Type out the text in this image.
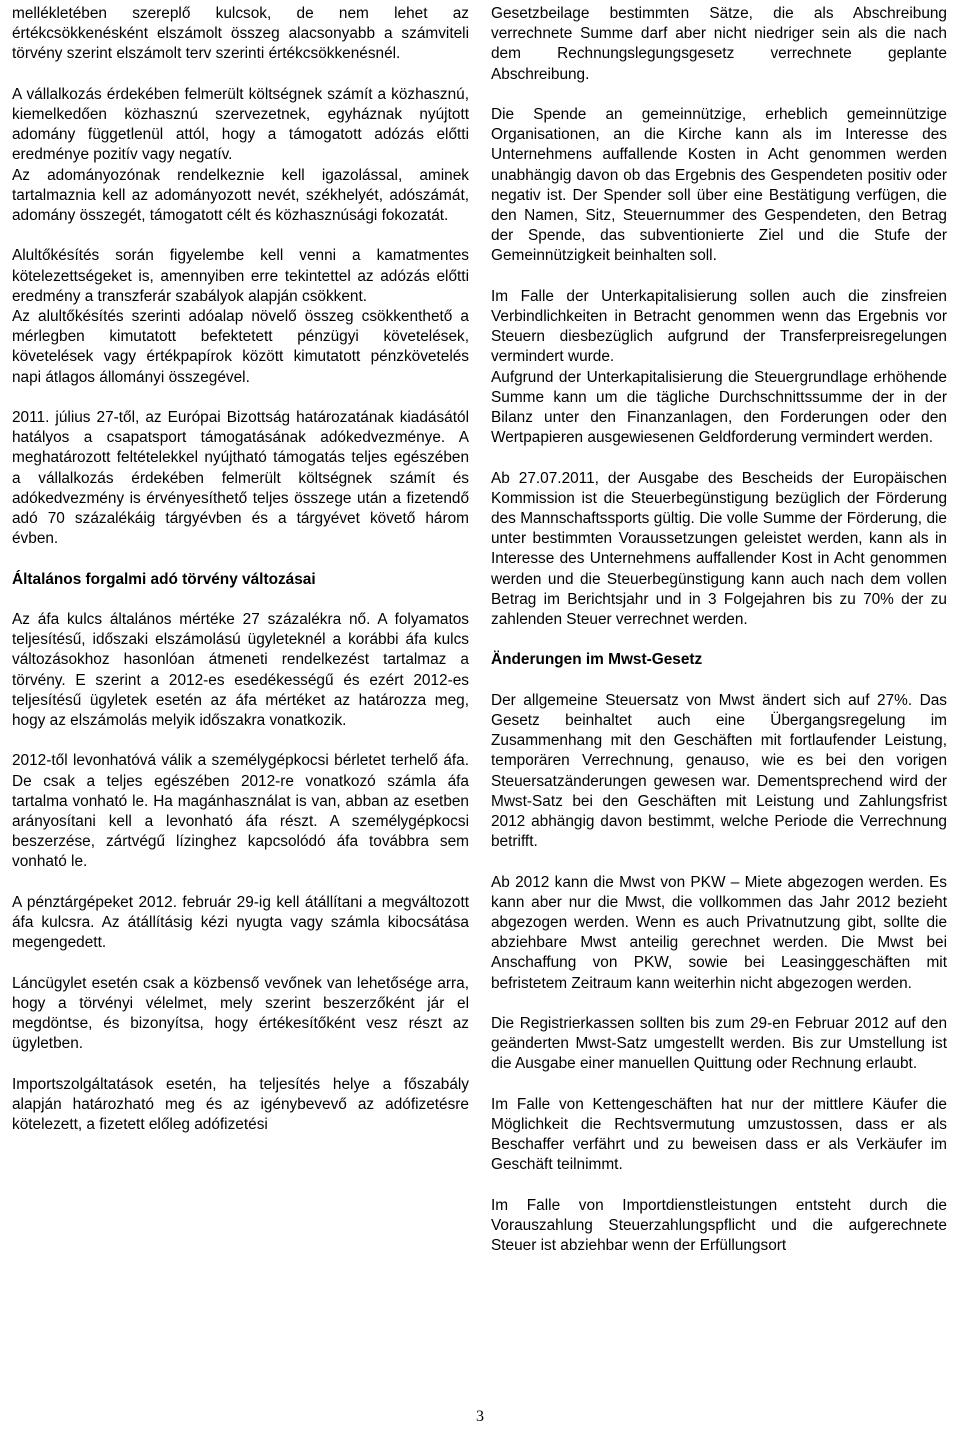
mellékletében szereplő kulcsok, de nem lehet az értékcsökkenésként elszámolt összeg alacsonyabb a számviteli törvény szerint elszámolt terv szerinti értékcsökkenésnél.

A vállalkozás érdekében felmerült költségnek számít a közhasznú, kiemelkedően közhasznú szervezetnek, egyháznak nyújtott adomány függetlenül attól, hogy a támogatott adózás előtti eredménye pozitív vagy negatív.

Az adományozónak rendelkeznie kell igazolással, aminek tartalmaznia kell az adományozott nevét, székhelyét, adószámát, adomány összegét, támogatott célt és közhasznúsági fokozatát.

Alultőkésítés során figyelembe kell venni a kamatmentes kötelezettségeket is, amennyiben erre tekintettel az adózás előtti eredmény a transzferár szabályok alapján csökkent.

Az alultőkésítés szerinti adóalap növelő összeg csökkenthető a mérlegben kimutatott befektetett pénzügyi követelések, követelések vagy értékpapírok között kimutatott pénzkövetelés napi átlagos állományi összegével.

2011. július 27-től, az Európai Bizottság határozatának kiadásától hatályos a csapatsport támogatásának adókedvezménye. A meghatározott feltételekkel nyújtható támogatás teljes egészében a vállalkozás érdekében felmerült költségnek számít és adókedvezmény is érvényesíthető teljes összege után a fizetendő adó 70 százalékáig tárgyévben és a tárgyévet követő három évben.

Általános forgalmi adó törvény változásai

Az áfa kulcs általános mértéke 27 százalékra nő. A folyamatos teljesítésű, időszaki elszámolású ügyleteknél a korábbi áfa kulcs változásokhoz hasonlóan átmeneti rendelkezést tartalmaz a törvény. E szerint a 2012-es esedékességű és ezért 2012-es teljesítésű ügyletek esetén az áfa mértéket az határozza meg, hogy az elszámolás melyik időszakra vonatkozik.

2012-től levonhatóvá válik a személygépkocsi bérletet terhelő áfa. De csak a teljes egészében 2012-re vonatkozó számla áfa tartalma vonható le. Ha magánhasználat is van, abban az esetben arányosítani kell a levonható áfa részt. A személygépkocsi beszerzése, zártvégű lízinghez kapcsolódó áfa továbbra sem vonható le.

A pénztárgépeket 2012. február 29-ig kell átállítani a megváltozott áfa kulcsra. Az átállításig kézi nyugta vagy számla kibocsátása megengedett.

Láncügylet esetén csak a közbenső vevőnek van lehetősége arra, hogy a törvényi vélelmet, mely szerint beszerzőként jár el megdöntse, és bizonyítsa, hogy értékesítőként vesz részt az ügyletben.

Importszolgáltatások esetén, ha teljesítés helye a főszabály alapján határozható meg és az igénybevevő az adófizetésre kötelezett, a fizetett előleg adófizetési

Gesetzbeilage bestimmten Sätze, die als Abschreibung verrechnete Summe darf aber nicht niedriger sein als die nach dem Rechnungslegungsgesetz verrechnete geplante Abschreibung.

Die Spende an gemeinnützige, erheblich gemeinnützige Organisationen, an die Kirche kann als im Interesse des Unternehmens auffallende Kosten in Acht genommen werden unabhängig davon ob das Ergebnis des Gespendeten positiv oder negativ ist. Der Spender soll über eine Bestätigung verfügen, die den Namen, Sitz, Steuernummer des Gespendeten, den Betrag der Spende, das subventionierte Ziel und die Stufe der Gemeinnützigkeit beinhalten soll.

Im Falle der Unterkapitalisierung sollen auch die zinsfreien Verbindlichkeiten in Betracht genommen wenn das Ergebnis vor Steuern diesbezüglich aufgrund der Transferpreisregelungen vermindert wurde.

Aufgrund der Unterkapitalisierung die Steuergrundlage erhöhende Summe kann um die tägliche Durchschnittssumme der in der Bilanz unter den Finanzanlagen, den Forderungen oder den Wertpapieren ausgewiesenen Geldforderung vermindert werden.

Ab 27.07.2011, der Ausgabe des Bescheids der Europäischen Kommission ist die Steuerbegünstigung bezüglich der Förderung des Mannschaftssports gültig. Die volle Summe der Förderung, die unter bestimmten Voraussetzungen geleistet werden, kann als in Interesse des Unternehmens auffallender Kost in Acht genommen werden und die Steuerbegünstigung kann auch nach dem vollen Betrag im Berichtsjahr und in 3 Folgejahren bis zu 70% der zu zahlenden Steuer verrechnet werden.

Änderungen im Mwst-Gesetz

Der allgemeine Steuersatz von Mwst ändert sich auf 27%. Das Gesetz beinhaltet auch eine Übergangsregelung im Zusammenhang mit den Geschäften mit fortlaufender Leistung, temporären Verrechnung, genauso, wie es bei den vorigen Steuersatzänderungen gewesen war. Dementsprechend wird der Mwst-Satz bei den Geschäften mit Leistung und Zahlungsfrist 2012 abhängig davon bestimmt, welche Periode die Verrechnung betrifft.

Ab 2012 kann die Mwst von PKW – Miete abgezogen werden. Es kann aber nur die Mwst, die vollkommen das Jahr 2012 bezieht abgezogen werden. Wenn es auch Privatnutzung gibt, sollte die abziehbare Mwst anteilig gerechnet werden. Die Mwst bei Anschaffung von PKW, sowie bei Leasinggeschäften mit befristetem Zeitraum kann weiterhin nicht abgezogen werden.

Die Registrierkassen sollten bis zum 29-en Februar 2012 auf den geänderten Mwst-Satz umgestellt werden. Bis zur Umstellung ist die Ausgabe einer manuellen Quittung oder Rechnung erlaubt.

Im Falle von Kettengeschäften hat nur der mittlere Käufer die Möglichkeit die Rechtsvermutung umzustossen, dass er als Beschaffer verfährt und zu beweisen dass er als Verkäufer im Geschäft teilnimmt.

Im Falle von Importdienstleistungen entsteht durch die Vorauszahlung Steuerzahlungspflicht und die aufgerechnete Steuer ist abziehbar wenn der Erfüllungsort

3
